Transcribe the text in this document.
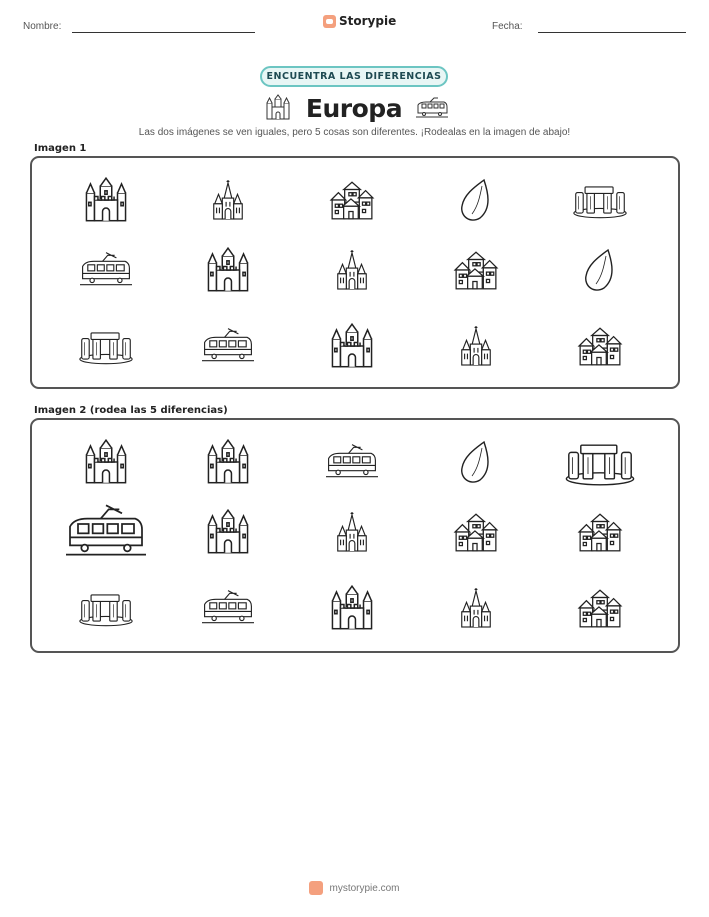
Nombre:	Storypie	Fecha:
ENCUENTRA LAS DIFERENCIAS
Europa
Las dos imágenes se ven iguales, pero 5 cosas son diferentes. ¡Rodealas en la imagen de abajo!
Imagen 1
Imagen 2 (rodea las 5 diferencias)
mystorypie.com
